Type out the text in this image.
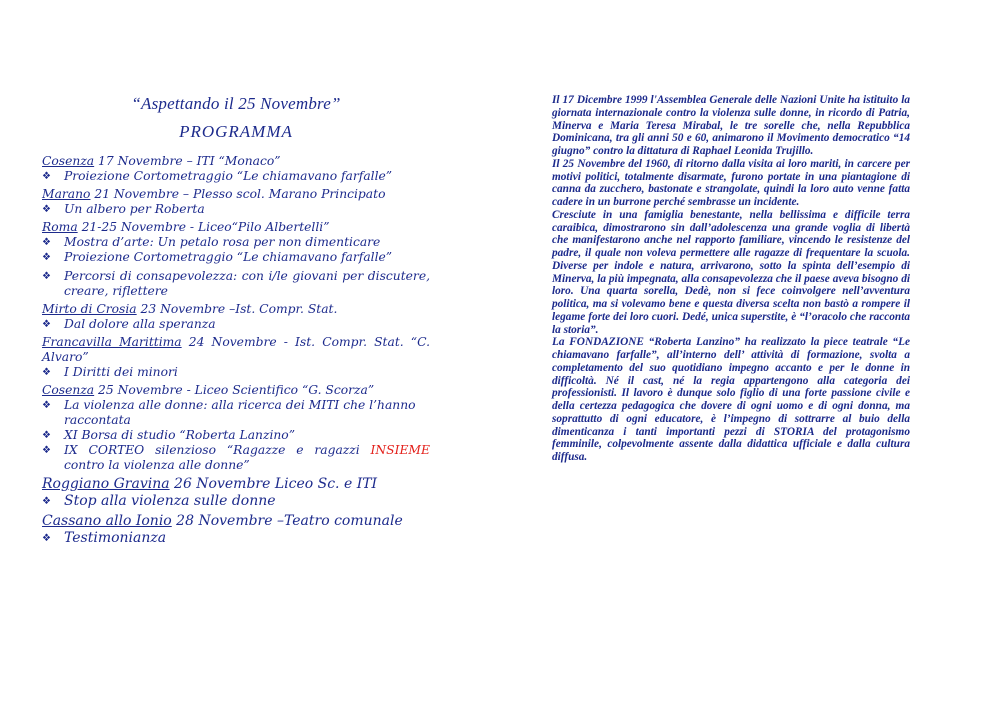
“Aspettando il 25 Novembre”
PROGRAMMA
Cosenza 17 Novembre – ITI “Monaco”
❖ Proiezione Cortometraggio “Le chiamavano farfalle”
Marano 21 Novembre – Plesso scol. Marano Principato
❖ Un albero per Roberta
Roma 21-25 Novembre - Liceo“Pilo Albertelli”
❖ Mostra d’arte: Un petalo rosa per non dimenticare
❖ Proiezione Cortometraggio “Le chiamavano farfalle”
❖ Percorsi di consapevolezza: con i/le giovani per discutere, creare, riflettere
Mirto di Crosia 23 Novembre –Ist. Compr. Stat.
❖ Dal dolore alla speranza
Francavilla Marittima 24 Novembre - Ist. Compr. Stat. “C. Alvaro”
❖ I Diritti dei minori
Cosenza 25 Novembre - Liceo Scientifico “G. Scorza”
❖ La violenza alle donne: alla ricerca dei MITI che l’hanno raccontata
❖ XI Borsa di studio “Roberta Lanzino”
❖ IX CORTEO silenzioso “Ragazze e ragazzi INSIEME contro la violenza alle donne”
Roggiano Gravina 26 Novembre Liceo Sc. e ITI
❖ Stop alla violenza sulle donne
Cassano allo Ionio 28 Novembre –Teatro comunale
❖ Testimonianza

Il 17 Dicembre 1999 l'Assemblea Generale delle Nazioni Unite ha istituito la giornata internazionale contro la violenza sulle donne, in ricordo di Patria, Minerva e Maria Teresa Mirabal, le tre sorelle che, nella Repubblica Dominicana, tra gli anni 50 e 60, animarono il Movimento democratico “14 giugno” contro la dittatura di Raphael Leonida Trujillo.

Il 25 Novembre del 1960, di ritorno dalla visita ai loro mariti, in carcere per motivi politici, totalmente disarmate, furono portate in una piantagione di canna da zucchero, bastonate e strangolate, quindi la loro auto venne fatta cadere in un burrone perché sembrasse un incidente.

Cresciute in una famiglia benestante, nella bellissima e difficile terra caraibica, dimostrarono sin dall’adolescenza una grande voglia di libertà che manifestarono anche nel rapporto familiare, vincendo le resistenze del padre, il quale non voleva permettere alle ragazze di frequentare la scuola. Diverse per indole e natura, arrivarono, sotto la spinta dell’esempio di Minerva, la più impegnata, alla consapevolezza che il paese aveva bisogno di loro. Una quarta sorella, Dedè, non si fece coinvolgere nell’avventura politica, ma si volevamo bene e questa diversa scelta non bastò a rompere il legame forte dei loro cuori. Dedé, unica superstite, è “l’oracolo che racconta la storia”.

La FONDAZIONE “Roberta Lanzino” ha realizzato la piece teatrale “Le chiamavano farfalle”, all’interno dell’ attività di formazione, svolta a completamento del suo quotidiano impegno accanto e per le donne in difficoltà. Né il cast, né la regia appartengono alla categoria dei professionisti. Il lavoro è dunque solo figlio di una forte passione civile e della certezza pedagogica che dovere di ogni uomo e di ogni donna, ma soprattutto di ogni educatore, è l’impegno di sottrarre al buio della dimenticanza i tanti importanti pezzi di STORIA del protagonismo femminile, colpevolmente assente dalla didattica ufficiale e dalla cultura diffusa.
